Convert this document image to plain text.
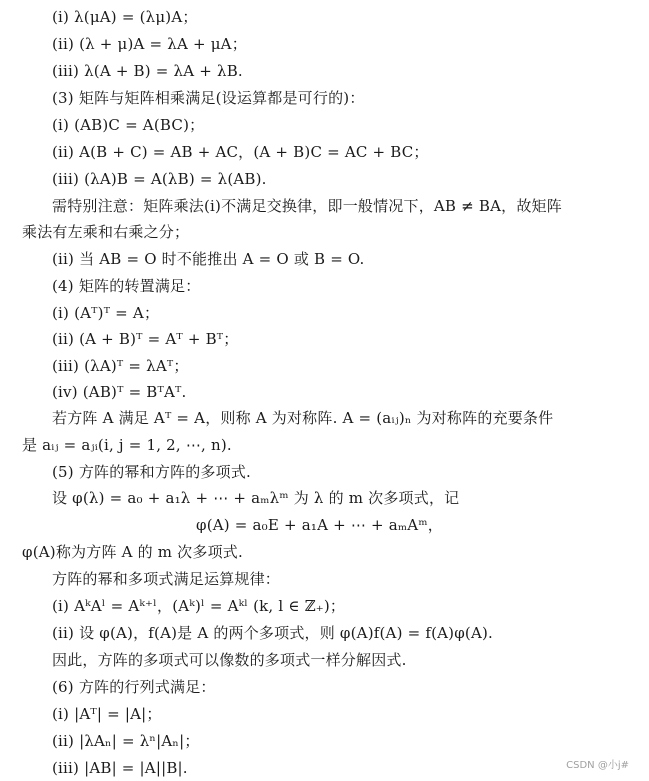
(i) λ(μA) = (λμ)A；
(ii) (λ + μ)A = λA + μA；
(iii) λ(A + B) = λA + λB.
(3) 矩阵与矩阵相乘满足(设运算都是可行的)：
(i) (AB)C = A(BC)；
(ii) A(B + C) = AB + AC，(A + B)C = AC + BC；
(iii) (λA)B = A(λB) = λ(AB).
需特别注意：矩阵乘法(i)不满足交换律，即一般情况下，AB ≠ BA，故矩阵
乘法有左乘和右乘之分；
(ii) 当 AB = O 时不能推出 A = O 或 B = O.
(4) 矩阵的转置满足：
(i) (Aᵀ)ᵀ = A；
(ii) (A + B)ᵀ = Aᵀ + Bᵀ；
(iii) (λA)ᵀ = λAᵀ；
(iv) (AB)ᵀ = BᵀAᵀ.
若方阵 A 满足 Aᵀ = A，则称 A 为对称阵. A = (aᵢⱼ)ₙ 为对称阵的充要条件
是 aᵢⱼ = aⱼᵢ(i, j = 1, 2, ⋯, n).
(5) 方阵的幂和方阵的多项式.
设 φ(λ) = a₀ + a₁λ + ⋯ + aₘλᵐ 为 λ 的 m 次多项式，记
φ(A) = a₀E + a₁A + ⋯ + aₘAᵐ，
φ(A)称为方阵 A 的 m 次多项式.
方阵的幂和多项式满足运算规律：
(i) AᵏAˡ = Aᵏ⁺ˡ，(Aᵏ)ˡ = Aᵏˡ (k, l ∈ ℤ₊)；
(ii) 设 φ(A)，f(A)是 A 的两个多项式，则 φ(A)f(A) = f(A)φ(A).
因此，方阵的多项式可以像数的多项式一样分解因式.
(6) 方阵的行列式满足：
(i) |Aᵀ| = |A|；
(ii) |λAₙ| = λⁿ|Aₙ|；
(iii) |AB| = |A||B|.	CSDN @小j#
